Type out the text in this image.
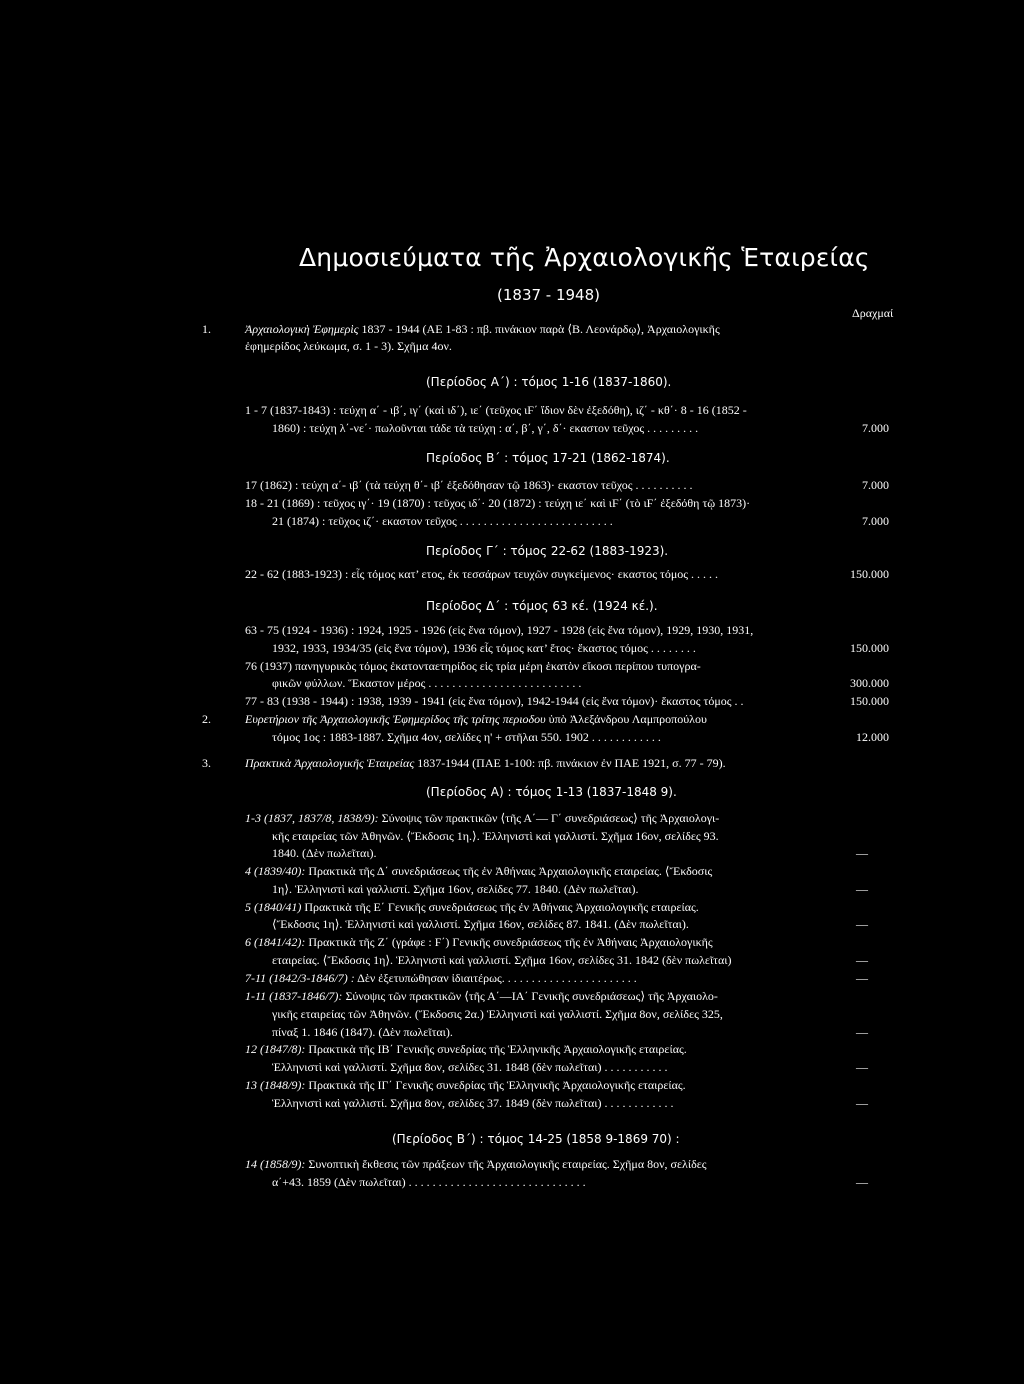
Δημοσιεύματα τῆς Ἀρχαιολογικῆς Ἑταιρείας
(1837 - 1948)
Δραχμαί
1.	Ἀρχαιολογικὴ Ἐφημερὶς 1837 - 1944 (ΑΕ 1-83 : πβ. πινάκιον παρὰ ⟨Β. Λεονάρδῳ⟩, Ἀρχαιολογικῆς
ἐφημερίδος λεύκωμα, σ. 1 - 3). Σχῆμα 4ον.
(Περίοδος Α΄) : τόμος 1-16 (1837-1860).
1 - 7 (1837-1843) : τεύχη α΄ - ιβ΄, ιγ΄ (καὶ ιδ΄), ιε΄ (τεῦχος ιϜ΄ ἴδιον δὲν ἐξεδόθη), ιζ΄ - κθ΄· 8 - 16 (1852 -
1860) : τεύχη λ΄-νε΄· πωλοῦνται τάδε τὰ τεύχη : α΄, β΄, γ΄, δ΄· εκαστον τεῦχος . . . . . . . . .	7.000
Περίοδος Β΄ : τόμος 17-21 (1862-1874).
17 (1862) : τεύχη α΄- ιβ΄ (τὰ τεύχη θ΄- ιβ΄ ἐξεδόθησαν τῷ 1863)· εκαστον τεῦχος . . . . . . . . . .	7.000
18 - 21 (1869) : τεῦχος ιγ΄· 19 (1870) : τεῦχος ιδ΄· 20 (1872) : τεύχη ιε΄ καὶ ιϜ΄ (τὸ ιϜ΄ ἐξεδόθη τῷ 1873)·
21 (1874) : τεῦχος ιζ΄· εκαστον τεῦχος . . . . . . . . . . . . . . . . . . . . . . . . . .	7.000
Περίοδος Γ΄ : τόμος 22-62 (1883-1923).
22 - 62 (1883-1923) : εἷς τόμος κατ’ ετος, ἐκ τεσσάρων τευχῶν συγκείμενος· εκαστος τόμος . . . . .	150.000
Περίοδος Δ΄ : τόμος 63 κέ. (1924 κέ.).
63 - 75 (1924 - 1936) : 1924, 1925 - 1926 (εἰς ἕνα τόμον), 1927 - 1928 (εἰς ἕνα τόμον), 1929, 1930, 1931,
1932, 1933, 1934/35 (εἰς ἕνα τόμον), 1936 εἷς τόμος κατ’ ἔτος· ἕκαστος τόμος . . . . . . . .	150.000
76 (1937) πανηγυρικὸς τόμος ἑκατονταετηρίδος εἰς τρία μέρη ἑκατὸν εἴκοσι περίπου τυπογρα-
φικῶν φύλλων. Ἕκαστον μέρος . . . . . . . . . . . . . . . . . . . . . . . . . .	300.000
77 - 83 (1938 - 1944) : 1938, 1939 - 1941 (εἰς ἕνα τόμον), 1942-1944 (εἰς ἕνα τόμον)· ἕκαστος τόμος . .	150.000
2.	Ευρετήριον τῆς Ἀρχαιολογικῆς Ἐφημερίδος τῆς τρίτης περιοδου ὑπὸ Ἀλεξάνδρου Λαμπροπούλου
τόμος 1ος : 1883-1887. Σχῆμα 4ον, σελίδες η' + στῆλαι 550. 1902 . . . . . . . . . . . .	12.000
3.	Πρακτικὰ Ἀρχαιολογικῆς Ἑταιρείας 1837-1944 (ΠΑΕ 1-100: πβ. πινάκιον ἐν ΠΑΕ 1921, σ. 77 - 79).
(Περίοδος Α) : τόμος 1-13 (1837-1848 9).
1-3 (1837, 1837/8, 1838/9): Σύνοψις τῶν πρακτικῶν ⟨τῆς Α΄— Γ΄ συνεδριάσεως⟩ τῆς Ἀρχαιολογι-
κῆς εταιρείας τῶν Ἀθηνῶν. ⟨Ἔκδοσις 1η.⟩. Ἑλληνιστὶ καὶ γαλλιστί. Σχῆμα 16ον, σελίδες 93.
1840. (Δὲν πωλεῖται).	—
4 (1839/40): Πρακτικὰ τῆς Δ΄ συνεδριάσεως τῆς ἐν Ἀθήναις Ἀρχαιολογικῆς εταιρείας. ⟨Ἔκδοσις
1η⟩. Ἑλληνιστὶ καὶ γαλλιστί. Σχῆμα 16ον, σελίδες 77. 1840. (Δὲν πωλεῖται).	—
5 (1840/41) Πρακτικὰ τῆς Ε΄ Γενικῆς συνεδριάσεως τῆς ἐν Ἀθήναις Ἀρχαιολογικῆς εταιρείας.
⟨Ἔκδοσις 1η⟩. Ἑλληνιστὶ καὶ γαλλιστί. Σχῆμα 16ον, σελίδες 87. 1841. (Δὲν πωλεῖται).	—
6 (1841/42): Πρακτικὰ τῆς Ζ΄ (γράφε : Ϝ΄) Γενικῆς συνεδριάσεως τῆς ἐν Ἀθήναις Ἀρχαιολογικῆς
εταιρείας. ⟨Ἔκδοσις 1η⟩. Ἑλληνιστὶ καὶ γαλλιστί. Σχῆμα 16ον, σελίδες 31. 1842 (δὲν πωλεῖται)	—
7-11 (1842/3-1846/7) : Δὲν ἐξετυπώθησαν ἰδιαιτέρως. . . . . . . . . . . . . . . . . . . . . . .	—
1-11 (1837-1846/7): Σύνοψις τῶν πρακτικῶν ⟨τῆς Α΄—ΙΑ΄ Γενικῆς συνεδριάσεως⟩ τῆς Ἀρχαιολο-
γικῆς εταιρείας τῶν Ἀθηνῶν. (Ἔκδοσις 2α.) Ἑλληνιστὶ καὶ γαλλιστί. Σχῆμα 8ον, σελίδες 325,
πίναξ 1. 1846 (1847). (Δὲν πωλεῖται).	—
12 (1847/8): Πρακτικὰ τῆς ΙΒ΄ Γενικῆς συνεδρίας τῆς Ἑλληνικῆς Ἀρχαιολογικῆς εταιρείας.
Ἑλληνιστὶ καὶ γαλλιστί. Σχῆμα 8ον, σελίδες 31. 1848 (δὲν πωλεῖται) . . . . . . . . . . .	—
13 (1848/9): Πρακτικὰ τῆς ΙΓ΄ Γενικῆς συνεδρίας τῆς Ἑλληνικῆς Ἀρχαιολογικῆς εταιρείας.
Ἑλληνιστὶ καὶ γαλλιστί. Σχῆμα 8ον, σελίδες 37. 1849 (δὲν πωλεῖται) . . . . . . . . . . . .	—
(Περίοδος Β΄) : τόμος 14-25 (1858 9-1869 70) :
14 (1858/9): Συνοπτικὴ ἔκθεσις τῶν πράξεων τῆς Ἀρχαιολογικῆς εταιρείας. Σχῆμα 8ον, σελίδες
α΄+43. 1859 (Δὲν πωλεῖται) . . . . . . . . . . . . . . . . . . . . . . . . . . . . . .	—
